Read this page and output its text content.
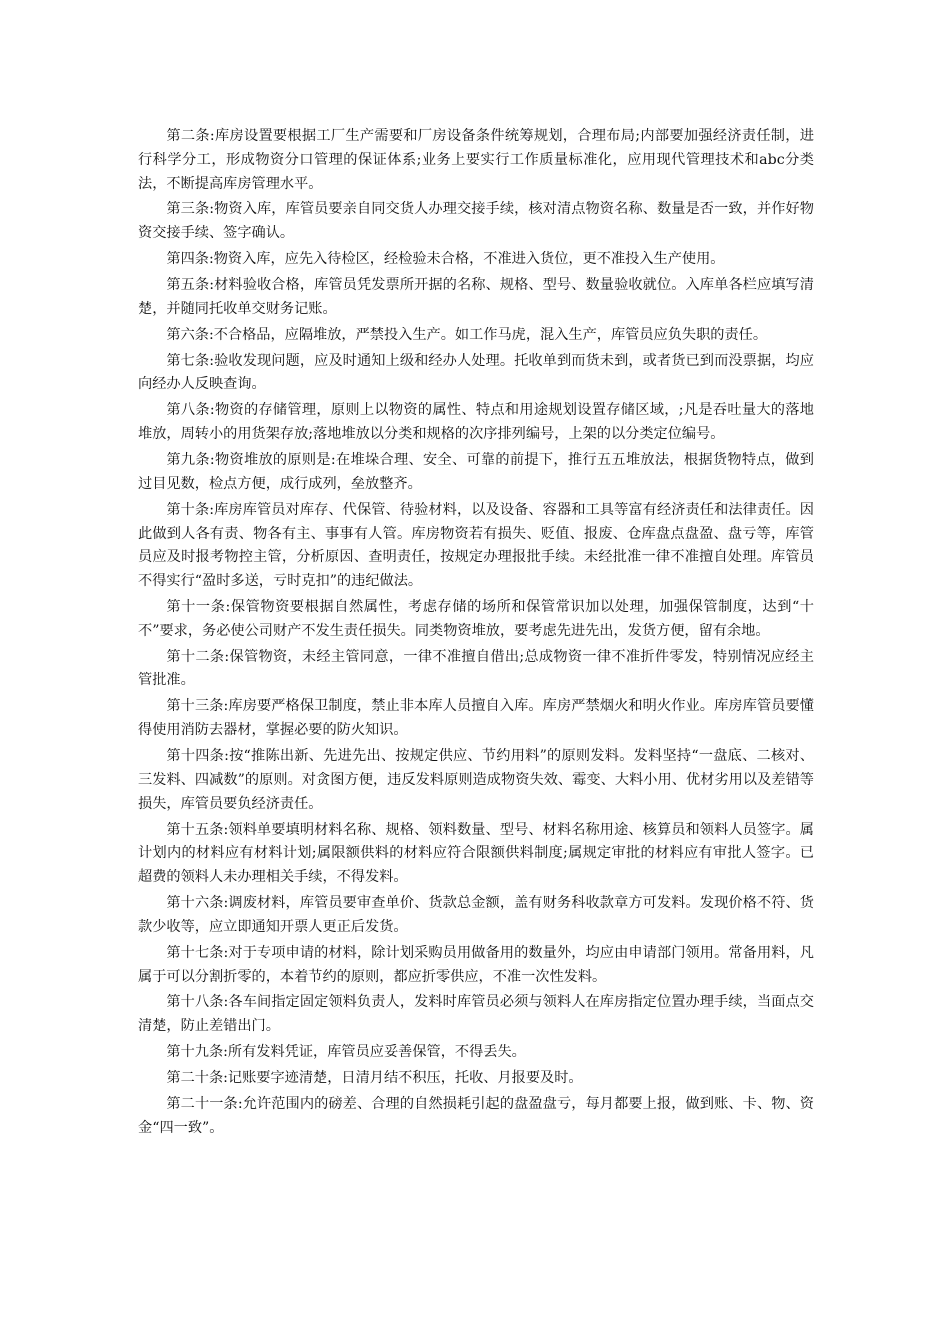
第二条:库房设置要根据工厂生产需要和厂房设备条件统筹规划，合理布局;内部要加强经济责任制，进行科学分工，形成物资分口管理的保证体系;业务上要实行工作质量标准化，应用现代管理技术和abc分类法，不断提高库房管理水平。

第三条:物资入库，库管员要亲自同交货人办理交接手续，核对清点物资名称、数量是否一致，并作好物资交接手续、签字确认。

第四条:物资入库，应先入待检区，经检验未合格，不准进入货位，更不准投入生产使用。

第五条:材料验收合格，库管员凭发票所开据的名称、规格、型号、数量验收就位。入库单各栏应填写清楚，并随同托收单交财务记账。

第六条:不合格品，应隔堆放，严禁投入生产。如工作马虎，混入生产，库管员应负失职的责任。

第七条:验收发现问题，应及时通知上级和经办人处理。托收单到而货未到，或者货已到而没票据，均应向经办人反映查询。

第八条:物资的存储管理，原则上以物资的属性、特点和用途规划设置存储区域，;凡是吞吐量大的落地堆放，周转小的用货架存放;落地堆放以分类和规格的次序排列编号，上架的以分类定位编号。

第九条:物资堆放的原则是:在堆垛合理、安全、可靠的前提下，推行五五堆放法，根据货物特点，做到过目见数，检点方便，成行成列，垒放整齐。

第十条:库房库管员对库存、代保管、待验材料，以及设备、容器和工具等富有经济责任和法律责任。因此做到人各有责、物各有主、事事有人管。库房物资若有损失、贬值、报废、仓库盘点盘盈、盘亏等，库管员应及时报考物控主管，分析原因、查明责任，按规定办理报批手续。未经批准一律不准擅自处理。库管员不得实行“盈时多送，亏时克扣”的违纪做法。

第十一条:保管物资要根据自然属性，考虑存储的场所和保管常识加以处理，加强保管制度，达到“十不”要求，务必使公司财产不发生责任损失。同类物资堆放，要考虑先进先出，发货方便，留有余地。

第十二条:保管物资，未经主管同意，一律不准擅自借出;总成物资一律不准折件零发，特别情况应经主管批准。

第十三条:库房要严格保卫制度，禁止非本库人员擅自入库。库房严禁烟火和明火作业。库房库管员要懂得使用消防去器材，掌握必要的防火知识。

第十四条:按“推陈出新、先进先出、按规定供应、节约用料”的原则发料。发料坚持“一盘底、二核对、三发料、四减数”的原则。对贪图方便，违反发料原则造成物资失效、霉变、大料小用、优材劣用以及差错等损失，库管员要负经济责任。

第十五条:领料单要填明材料名称、规格、领料数量、型号、材料名称用途、核算员和领料人员签字。属计划内的材料应有材料计划;属限额供料的材料应符合限额供料制度;属规定审批的材料应有审批人签字。已超费的领料人未办理相关手续，不得发料。

第十六条:调废材料，库管员要审查单价、货款总金额，盖有财务科收款章方可发料。发现价格不符、货款少收等，应立即通知开票人更正后发货。

第十七条:对于专项申请的材料，除计划采购员用做备用的数量外，均应由申请部门领用。常备用料，凡属于可以分割折零的，本着节约的原则，都应折零供应，不准一次性发料。

第十八条:各车间指定固定领料负责人，发料时库管员必须与领料人在库房指定位置办理手续，当面点交清楚，防止差错出门。

第十九条:所有发料凭证，库管员应妥善保管，不得丢失。

第二十条:记账要字迹清楚，日清月结不积压，托收、月报要及时。

第二十一条:允许范围内的磅差、合理的自然损耗引起的盘盈盘亏，每月都要上报，做到账、卡、物、资金“四一致”。
